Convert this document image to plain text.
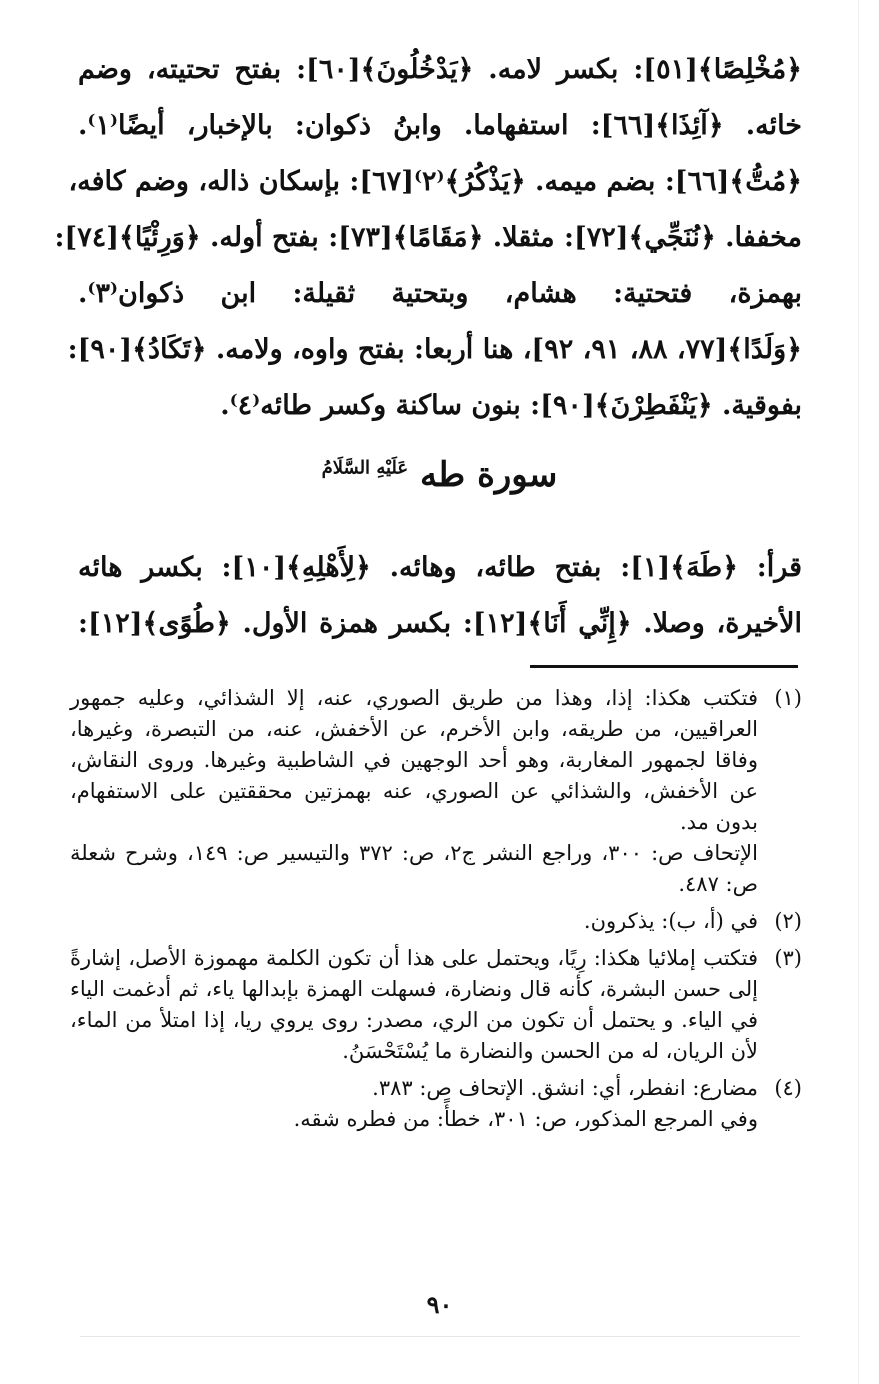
﴿مُخْلِصًا﴾[٥١]: بكسر لامه. ﴿يَدْخُلُونَ﴾[٦٠]: بفتح تحتيته، وضم
خائه. ﴿آئِذَا﴾[٦٦]: استفهاما. وابنُ ذكوان: بالإخبار، أيضًا⁽١⁾.
﴿مُتُّ﴾[٦٦]: بضم ميمه. ﴿يَذْكُرُ﴾⁽٢⁾[٦٧]: بإسكان ذاله، وضم كافه،
مخففا. ﴿نُنَجِّي﴾[٧٢]: مثقلا. ﴿مَقَامًا﴾[٧٣]: بفتح أوله. ﴿وَرِئْيًا﴾[٧٤]:
بهمزة، فتحتية: هشام، وبتحتية ثقيلة: ابن ذكوان⁽٣⁾.
﴿وَلَدًا﴾[٧٧، ٨٨، ٩١، ٩٢]، هنا أربعا: بفتح واوه، ولامه. ﴿تَكَادُ﴾[٩٠]:
بفوقية. ﴿يَنْفَطِرْنَ﴾[٩٠]: بنون ساكنة وكسر طائه⁽٤⁾.
سورة طه $^{عَلَيْهِ السَّلَامُ}$
قرأ: ﴿طَهَ﴾[١]: بفتح طائه، وهائه. ﴿لِأَهْلِهِ﴾[١٠]: بكسر هائه
الأخيرة، وصلا. ﴿إِنِّي أَنَا﴾[١٢]: بكسر همزة الأول. ﴿طُوًى﴾[١٢]:
(١)
فتكتب هكذا: إذا، وهذا من طريق الصوري، عنه، إلا الشذائي، وعليه جمهور العراقيين، من طريقه، وابن الأخرم، عن الأخفش، عنه، من التبصرة، وغيرها، وفاقا لجمهور المغاربة، وهو أحد الوجهين في الشاطبية وغيرها. وروى النقاش، عن الأخفش، والشذائي عن الصوري، عنه بهمزتين محققتين على الاستفهام، بدون مد.
الإتحاف ص: ٣٠٠، وراجع النشر ج٢، ص: ٣٧٢ والتيسير ص: ١٤٩، وشرح شعلة ص: ٤٨٧.
(٢)
في (أ، ب): يذكرون.
(٣)
فتكتب إملائيا هكذا: رِيًا، ويحتمل على هذا أن تكون الكلمة مهموزة الأصل، إشارةً إلى حسن البشرة، كأنه قال ونضارة، فسهلت الهمزة بإبدالها ياء، ثم أدغمت الياء في الياء. و يحتمل أن تكون من الري، مصدر: روى يروي ريا، إذا امتلأ من الماء، لأن الريان، له من الحسن والنضارة ما يُسْتَحْسَنُ.
(٤)
مضارع: انفطر، أي: انشق. الإتحاف ص: ٣٨٣.
وفي المرجع المذكور، ص: ٣٠١، خطأً: من فطره شقه.
٩٠
